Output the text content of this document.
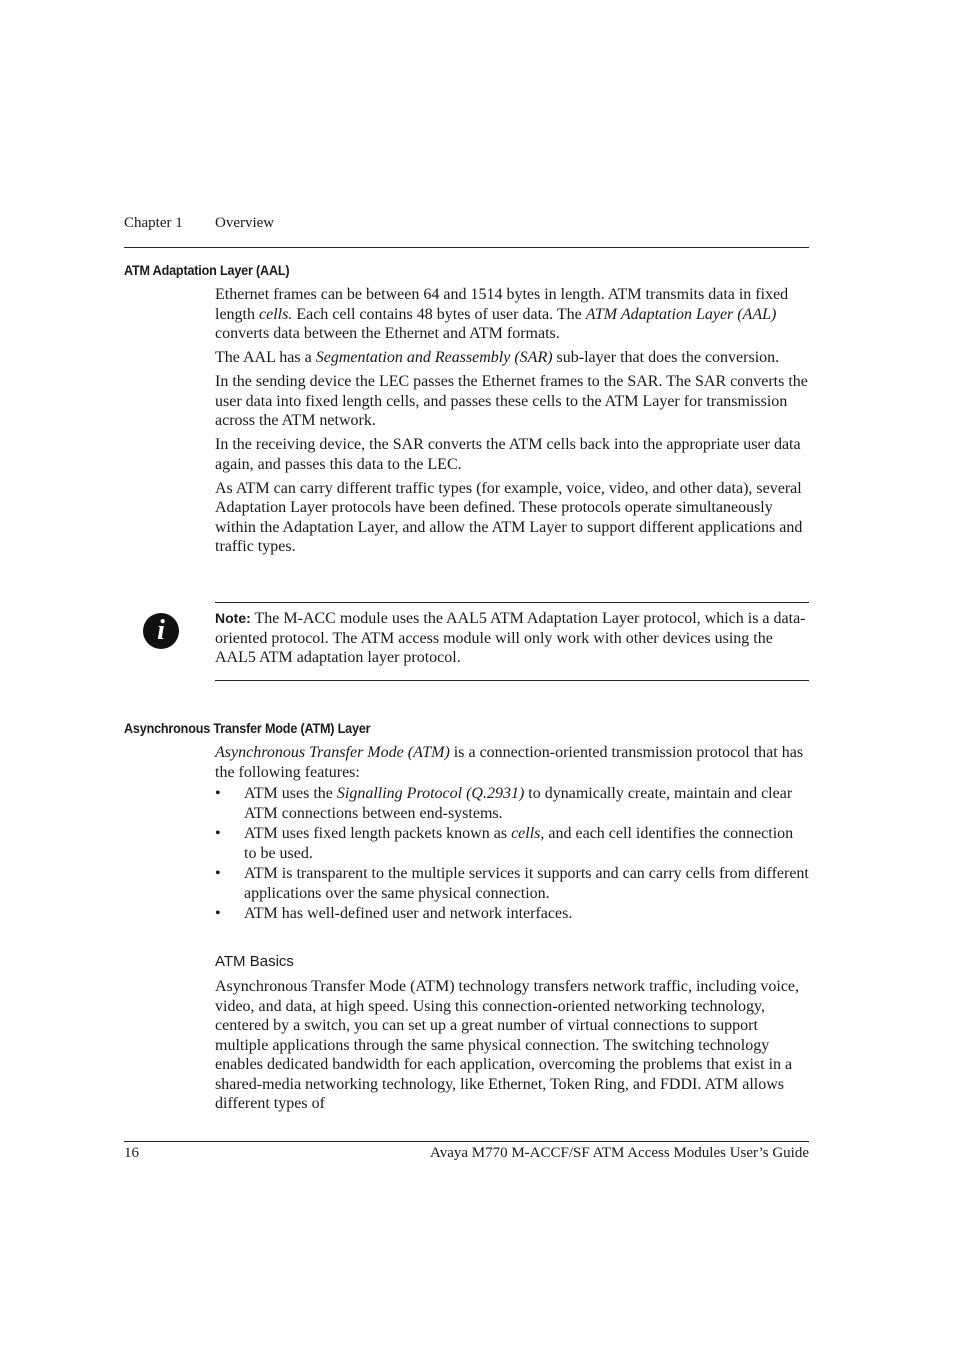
Chapter 1 Overview
ATM Adaptation Layer (AAL)

Ethernet frames can be between 64 and 1514 bytes in length. ATM transmits data in fixed length cells. Each cell contains 48 bytes of user data. The ATM Adaptation Layer (AAL) converts data between the Ethernet and ATM formats.

The AAL has a Segmentation and Reassembly (SAR) sub-layer that does the conversion.

In the sending device the LEC passes the Ethernet frames to the SAR. The SAR converts the user data into fixed length cells, and passes these cells to the ATM Layer for transmission across the ATM network.

In the receiving device, the SAR converts the ATM cells back into the appropriate user data again, and passes this data to the LEC.

As ATM can carry different traffic types (for example, voice, video, and other data), several Adaptation Layer protocols have been defined. These protocols operate simultaneously within the Adaptation Layer, and allow the ATM Layer to support different applications and traffic types.

i	Note: The M-ACC module uses the AAL5 ATM Adaptation Layer protocol, which is a data-oriented protocol. The ATM access module will only work with other devices using the AAL5 ATM adaptation layer protocol.

Asynchronous Transfer Mode (ATM) Layer

Asynchronous Transfer Mode (ATM) is a connection-oriented transmission protocol that has the following features:

• ATM uses the Signalling Protocol (Q.2931) to dynamically create, maintain and clear ATM connections between end-systems.
• ATM uses fixed length packets known as cells, and each cell identifies the connection to be used.
• ATM is transparent to the multiple services it supports and can carry cells from different applications over the same physical connection.
• ATM has well-defined user and network interfaces.
ATM Basics

Asynchronous Transfer Mode (ATM) technology transfers network traffic, including voice, video, and data, at high speed. Using this connection-oriented networking technology, centered by a switch, you can set up a great number of virtual connections to support multiple applications through the same physical connection. The switching technology enables dedicated bandwidth for each application, overcoming the problems that exist in a shared-media networking technology, like Ethernet, Token Ring, and FDDI. ATM allows different types of

16	Avaya M770 M-ACCF/SF ATM Access Modules User’s Guide
